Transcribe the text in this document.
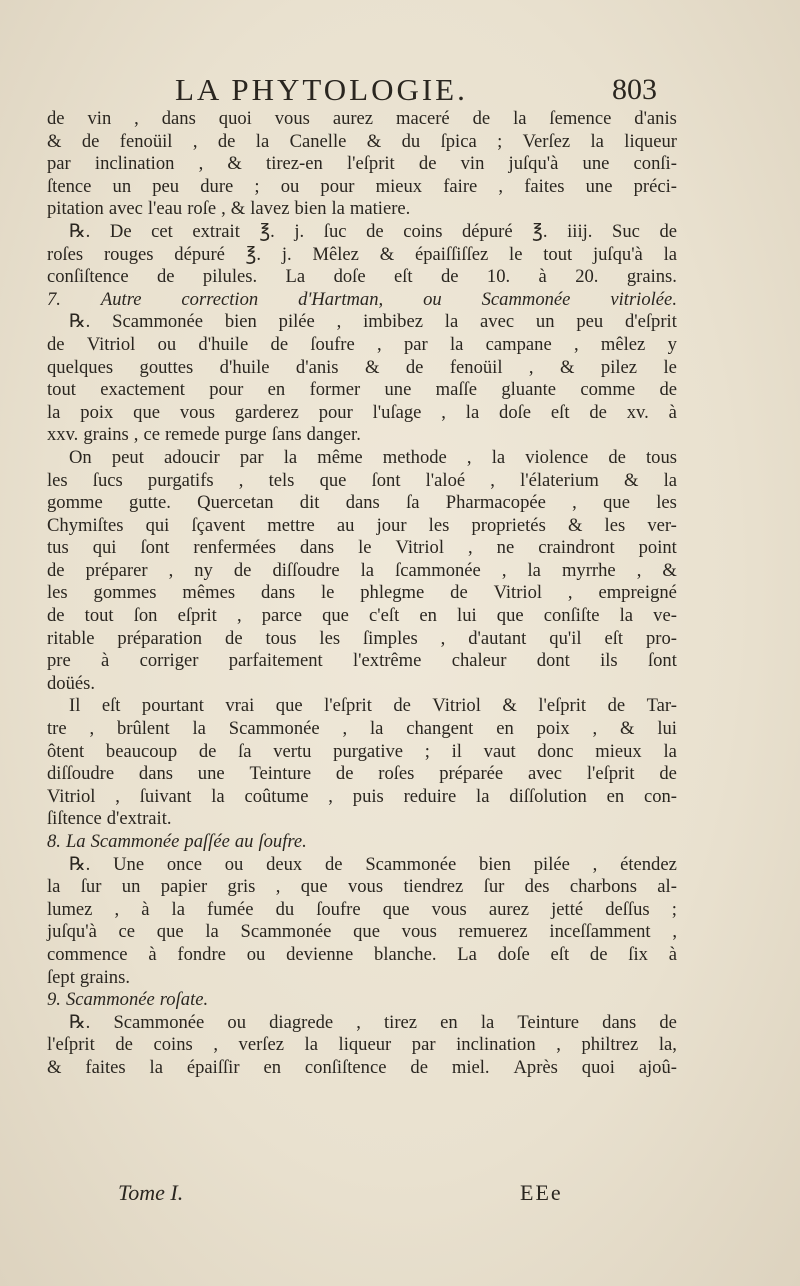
LA PHYTOLOGIE.	803
de vin , dans quoi vous aurez maceré de la ſemence d'anis
& de fenoüil , de la Canelle & du ſpica ; Verſez la liqueur
par inclination , & tirez-en l'eſprit de vin juſqu'à une conſi-
ſtence un peu dure ; ou pour mieux faire , faites une préci-
pitation avec l'eau roſe , & lavez bien la matiere.
℞. De cet extrait ℥. j. ſuc de coins dépuré ℥. iiij. Suc de
roſes rouges dépuré ℥. j. Mêlez & épaiſſiſſez le tout juſqu'à la
conſiſtence de pilules. La doſe eſt de 10. à 20. grains.
7. Autre correction d'Hartman, ou Scammonée vitriolée.
℞. Scammonée bien pilée , imbibez la avec un peu d'eſprit
de Vitriol ou d'huile de ſoufre , par la campane , mêlez y
quelques gouttes d'huile d'anis & de fenoüil , & pilez le
tout exactement pour en former une maſſe gluante comme de
la poix que vous garderez pour l'uſage , la doſe eſt de xv. à
xxv. grains , ce remede purge ſans danger.
On peut adoucir par la même methode , la violence de tous
les ſucs purgatifs , tels que ſont l'aloé , l'élaterium & la
gomme gutte. Quercetan dit dans ſa Pharmacopée , que les
Chymiſtes qui ſçavent mettre au jour les proprietés & les ver-
tus qui ſont renfermées dans le Vitriol , ne craindront point
de préparer , ny de diſſoudre la ſcammonée , la myrrhe , &
les gommes mêmes dans le phlegme de Vitriol , empreigné
de tout ſon eſprit , parce que c'eſt en lui que conſiſte la ve-
ritable préparation de tous les ſimples , d'autant qu'il eſt pro-
pre à corriger parfaitement l'extrême chaleur dont ils ſont
doüés.
Il eſt pourtant vrai que l'eſprit de Vitriol & l'eſprit de Tar-
tre , brûlent la Scammonée , la changent en poix , & lui
ôtent beaucoup de ſa vertu purgative ; il vaut donc mieux la
diſſoudre dans une Teinture de roſes préparée avec l'eſprit de
Vitriol , ſuivant la coûtume , puis reduire la diſſolution en con-
ſiſtence d'extrait.
8. La Scammonée paſſée au ſoufre.
℞. Une once ou deux de Scammonée bien pilée , étendez
la ſur un papier gris , que vous tiendrez ſur des charbons al-
lumez , à la fumée du ſoufre que vous aurez jetté deſſus ;
juſqu'à ce que la Scammonée que vous remuerez inceſſamment ,
commence à fondre ou devienne blanche. La doſe eſt de ſix à
ſept grains.
9. Scammonée roſate.
℞. Scammonée ou diagrede , tirez en la Teinture dans de
l'eſprit de coins , verſez la liqueur par inclination , philtrez la,
& faites la épaiſſir en conſiſtence de miel. Après quoi ajoû-
Tome I.	EEe
